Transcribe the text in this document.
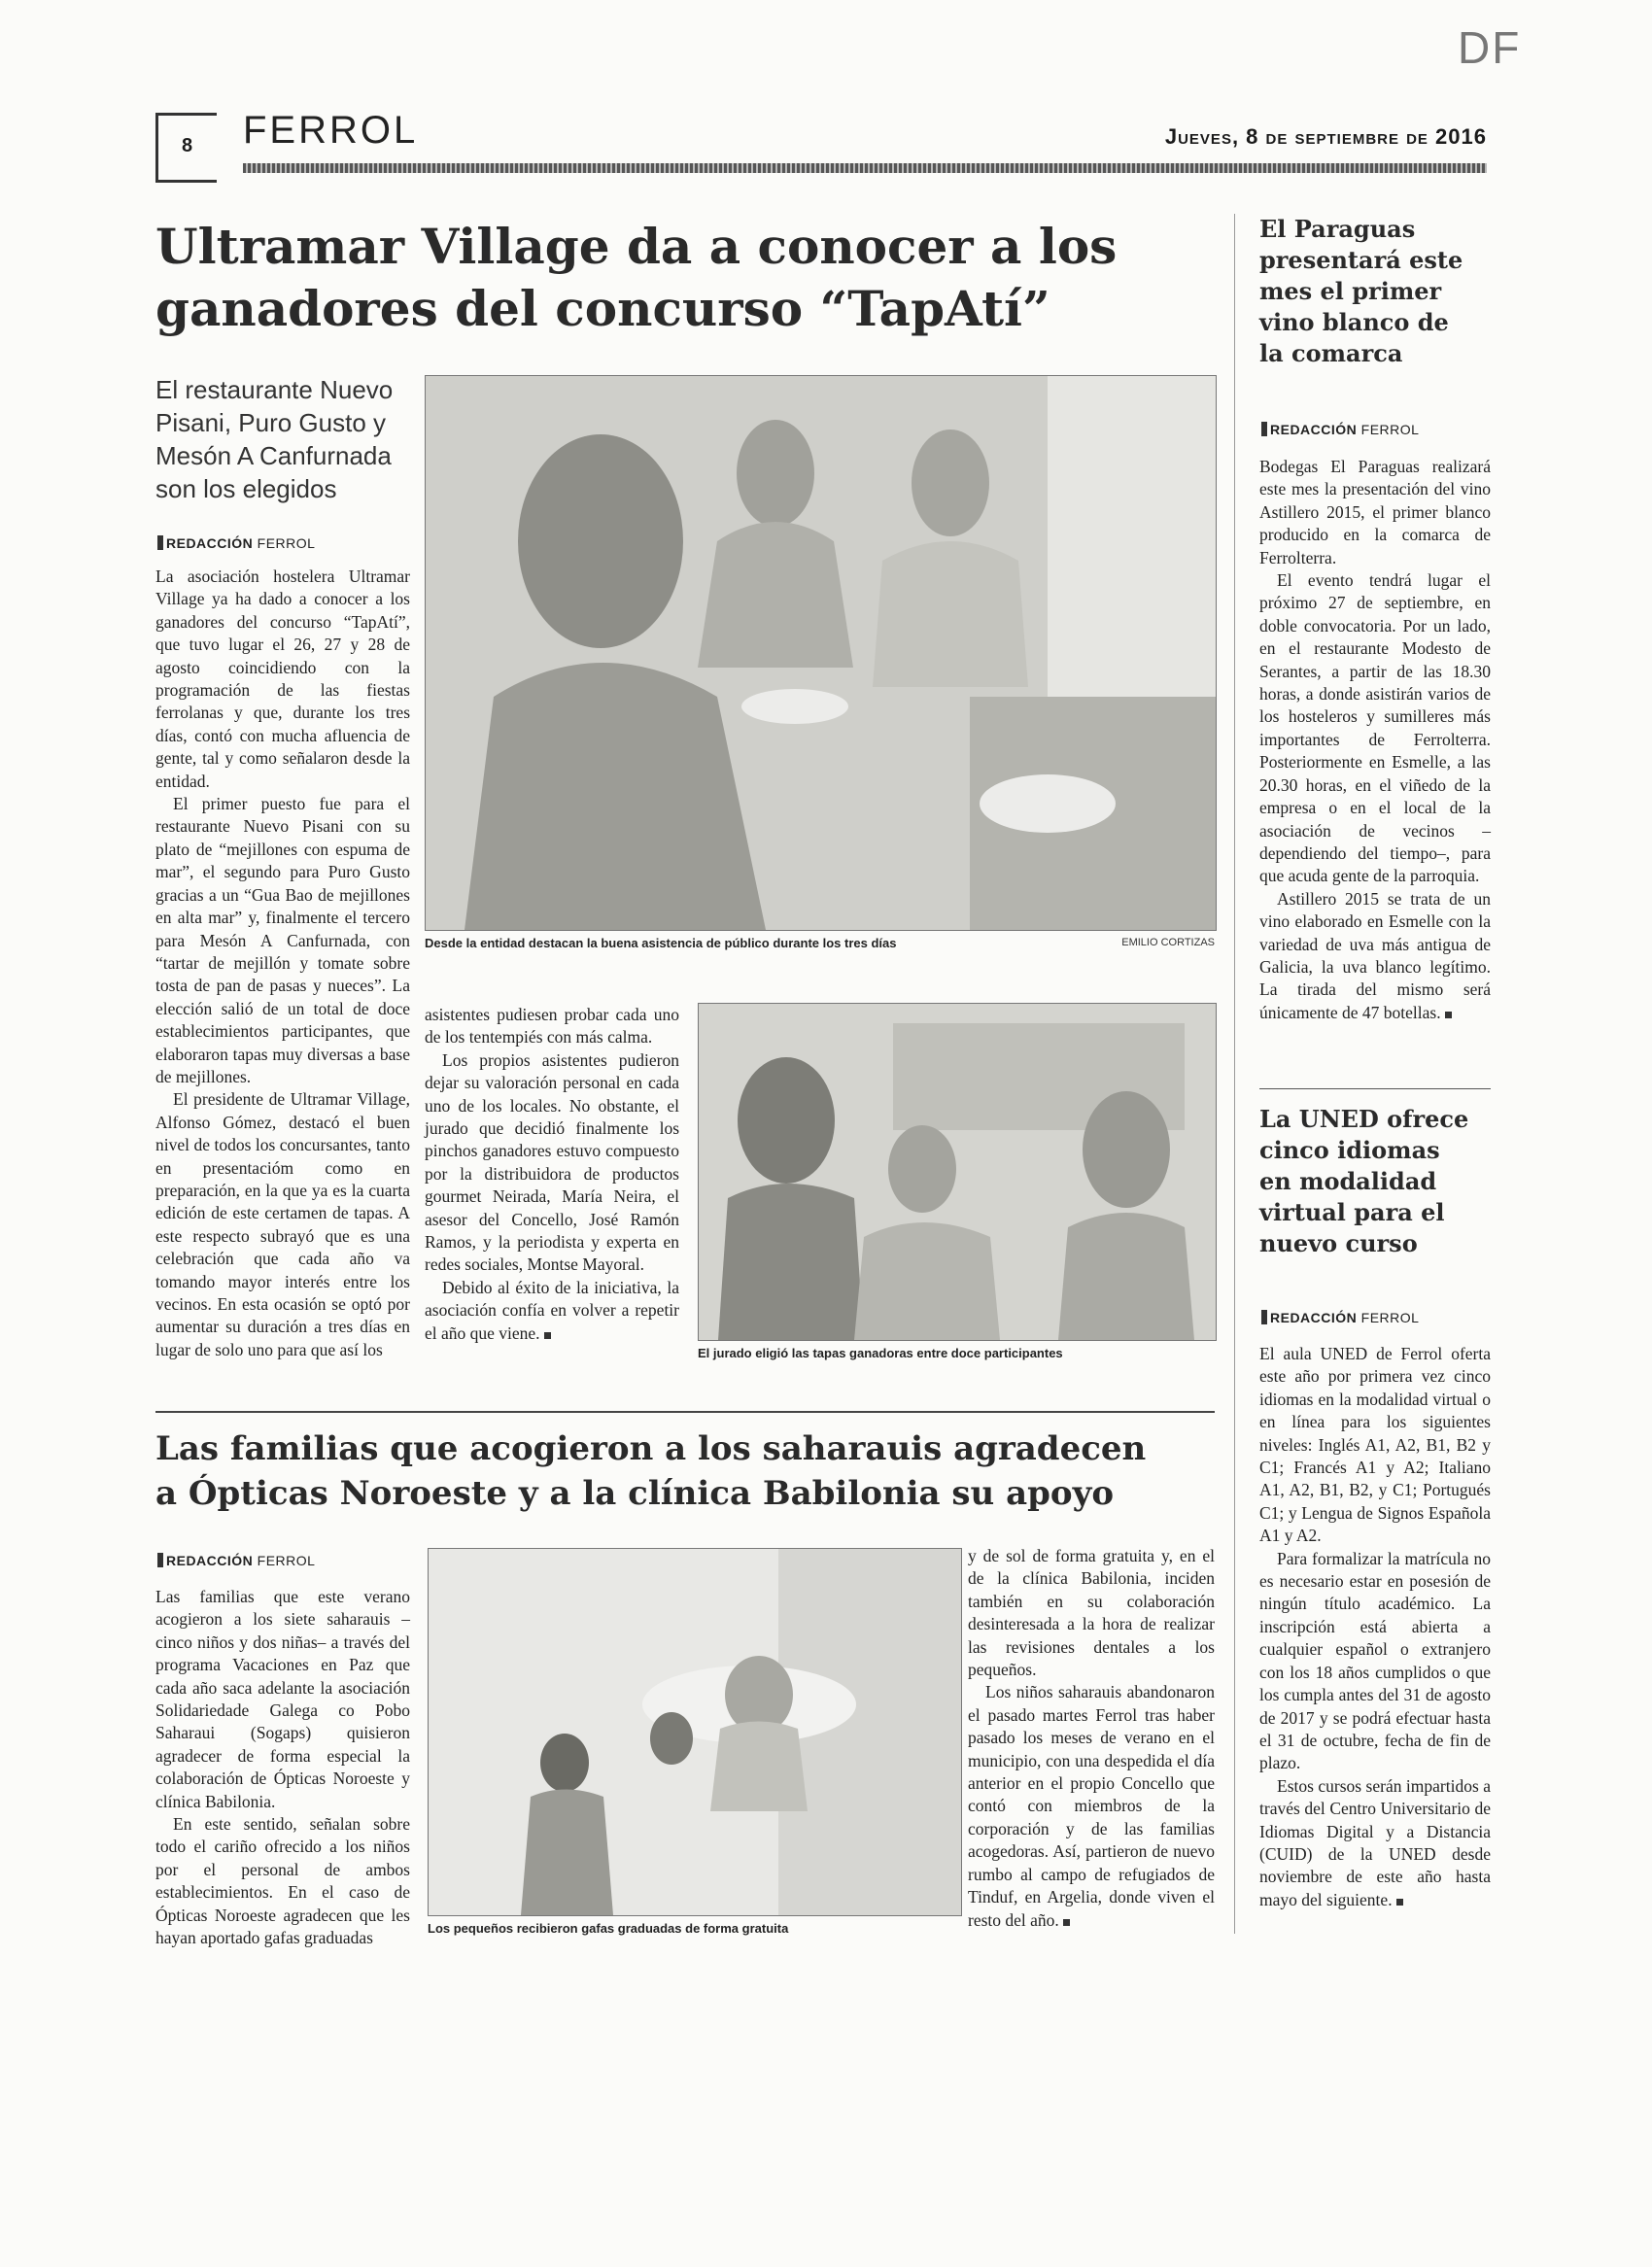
DF
8 FERROL	Jueves, 8 de septiembre de 2016
Ultramar Village da a conocer a los
ganadores del concurso “TapAtí”
El restaurante Nuevo
Pisani, Puro Gusto y
Mesón A Canfurnada
son los elegidos
REDACCIÓN FERROL

La asociación hostelera Ultramar Village ya ha dado a conocer a los ganadores del concurso “TapAtí”, que tuvo lugar el 26, 27 y 28 de agosto coincidiendo con la programación de las fiestas ferrolanas y que, durante los tres días, contó con mucha afluencia de gente, tal y como señalaron desde la entidad.

El primer puesto fue para el restaurante Nuevo Pisani con su plato de “mejillones con espuma de mar”, el segundo para Puro Gusto gracias a un “Gua Bao de mejillones en alta mar” y, finalmente el tercero para Mesón A Canfurnada, con “tartar de mejillón y tomate sobre tosta de pan de pasas y nueces”. La elección salió de un total de doce establecimientos participantes, que elaboraron tapas muy diversas a base de mejillones.

El presidente de Ultramar Village, Alfonso Gómez, destacó el buen nivel de todos los concursantes, tanto en presentacióm como en preparación, en la que ya es la cuarta edición de este certamen de tapas. A este respecto subrayó que es una celebración que cada año va tomando mayor interés entre los vecinos. En esta ocasión se optó por aumentar su duración a tres días en lugar de solo uno para que así los

Desde la entidad destacan la buena asistencia de público durante los tres días	EMILIO CORTIZAS

asistentes pudiesen probar cada uno de los tentempiés con más calma.

Los propios asistentes pudieron dejar su valoración personal en cada uno de los locales. No obstante, el jurado que decidió finalmente los pinchos ganadores estuvo compuesto por la distribuidora de productos gourmet Neirada, María Neira, el asesor del Concello, José Ramón Ramos, y la periodista y experta en redes sociales, Montse Mayoral.

Debido al éxito de la iniciativa, la asociación confía en volver a repetir el año que viene.

El jurado eligió las tapas ganadoras entre doce participantes
Las familias que acogieron a los saharauis agradecen
a Ópticas Noroeste y a la clínica Babilonia su apoyo
REDACCIÓN FERROL

Las familias que este verano acogieron a los siete saharauis –cinco niños y dos niñas– a través del programa Vacaciones en Paz que cada año saca adelante la asociación Solidariedade Galega co Pobo Saharaui (Sogaps) quisieron agradecer de forma especial la colaboración de Ópticas Noroeste y clínica Babilonia.

En este sentido, señalan sobre todo el cariño ofrecido a los niños por el personal de ambos establecimientos. En el caso de Ópticas Noroeste agradecen que les hayan aportado gafas graduadas	Los pequeños recibieron gafas graduadas de forma gratuita

y de sol de forma gratuita y, en el de la clínica Babilonia, inciden también en su colaboración desinteresada a la hora de realizar las revisiones dentales a los pequeños.

Los niños saharauis abandonaron el pasado martes Ferrol tras haber pasado los meses de verano en el municipio, con una despedida el día anterior en el propio Concello que contó con miembros de la corporación y de las familias acogedoras. Así, partieron de nuevo rumbo al campo de refugiados de Tinduf, en Argelia, donde viven el resto del año.

El Paraguas
presentará este
mes el primer
vino blanco de
la comarca
REDACCIÓN FERROL

Bodegas El Paraguas realizará este mes la presentación del vino Astillero 2015, el primer blanco producido en la comarca de Ferrolterra.

El evento tendrá lugar el próximo 27 de septiembre, en doble convocatoria. Por un lado, en el restaurante Modesto de Serantes, a partir de las 18.30 horas, a donde asistirán varios de los hosteleros y sumilleres más importantes de Ferrolterra. Posteriormente en Esmelle, a las 20.30 horas, en el viñedo de la empresa o en el local de la asociación de vecinos –dependiendo del tiempo–, para que acuda gente de la parroquia.

Astillero 2015 se trata de un vino elaborado en Esmelle con la variedad de uva más antigua de Galicia, la uva blanco legítimo. La tirada del mismo será únicamente de 47 botellas.

La UNED ofrece
cinco idiomas
en modalidad
virtual para el
nuevo curso
REDACCIÓN FERROL

El aula UNED de Ferrol oferta este año por primera vez cinco idiomas en la modalidad virtual o en línea para los siguientes niveles: Inglés A1, A2, B1, B2 y C1; Francés A1 y A2; Italiano A1, A2, B1, B2, y C1; Portugués C1; y Lengua de Signos Española A1 y A2.

Para formalizar la matrícula no es necesario estar en posesión de ningún título académico. La inscripción está abierta a cualquier español o extranjero con los 18 años cumplidos o que los cumpla antes del 31 de agosto de 2017 y se podrá efectuar hasta el 31 de octubre, fecha de fin de plazo.

Estos cursos serán impartidos a través del Centro Universitario de Idiomas Digital y a Distancia (CUID) de la UNED desde noviembre de este año hasta mayo del siguiente.
